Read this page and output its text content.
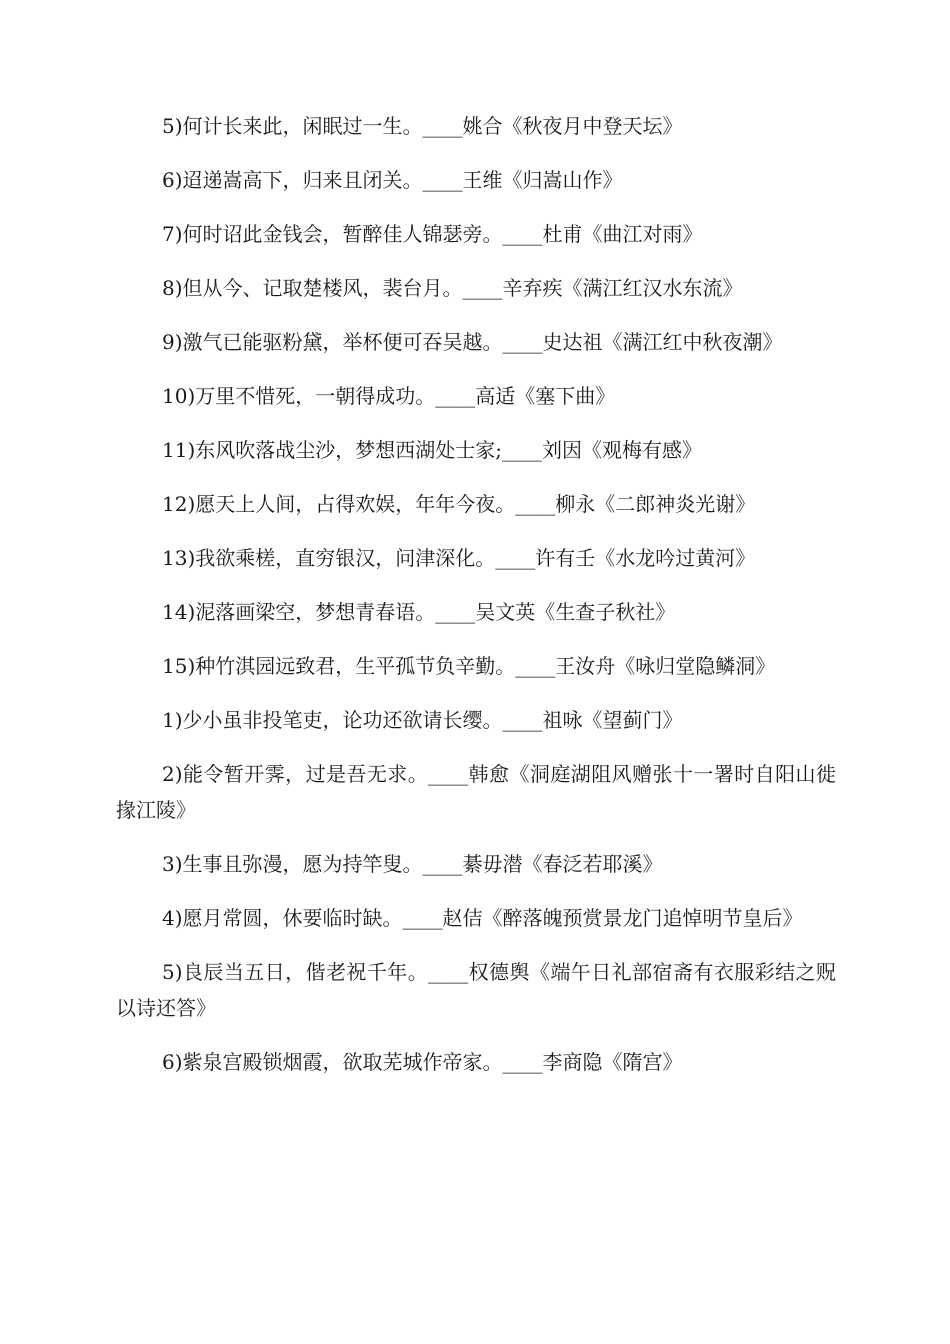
5)何计长来此，闲眠过一生。____姚合《秋夜月中登天坛》

6)迢递嵩高下，归来且闭关。____王维《归嵩山作》

7)何时诏此金钱会，暂醉佳人锦瑟旁。____杜甫《曲江对雨》

8)但从今、记取楚楼风，裴台月。____辛弃疾《满江红汉水东流》

9)激气已能驱粉黛，举杯便可吞吴越。____史达祖《满江红中秋夜潮》

10)万里不惜死，一朝得成功。____高适《塞下曲》

11)东风吹落战尘沙，梦想西湖处士家;____刘因《观梅有感》

12)愿天上人间，占得欢娱，年年今夜。____柳永《二郎神炎光谢》

13)我欲乘槎，直穷银汉，问津深化。____许有壬《水龙吟过黄河》

14)泥落画梁空，梦想青春语。____吴文英《生查子秋社》

15)种竹淇园远致君，生平孤节负辛勤。____王汝舟《咏归堂隐鳞洞》

1)少小虽非投笔吏，论功还欲请长缨。____祖咏《望蓟门》

2)能令暂开霁，过是吾无求。____韩愈《洞庭湖阻风赠张十一署时自阳山徙掾江陵》

3)生事且弥漫，愿为持竿叟。____綦毋潜《春泛若耶溪》

4)愿月常圆，休要临时缺。____赵佶《醉落魄预赏景龙门追悼明节皇后》

5)良辰当五日，偕老祝千年。____权德舆《端午日礼部宿斋有衣服彩结之贶以诗还答》

6)紫泉宫殿锁烟霞，欲取芜城作帝家。____李商隐《隋宫》
